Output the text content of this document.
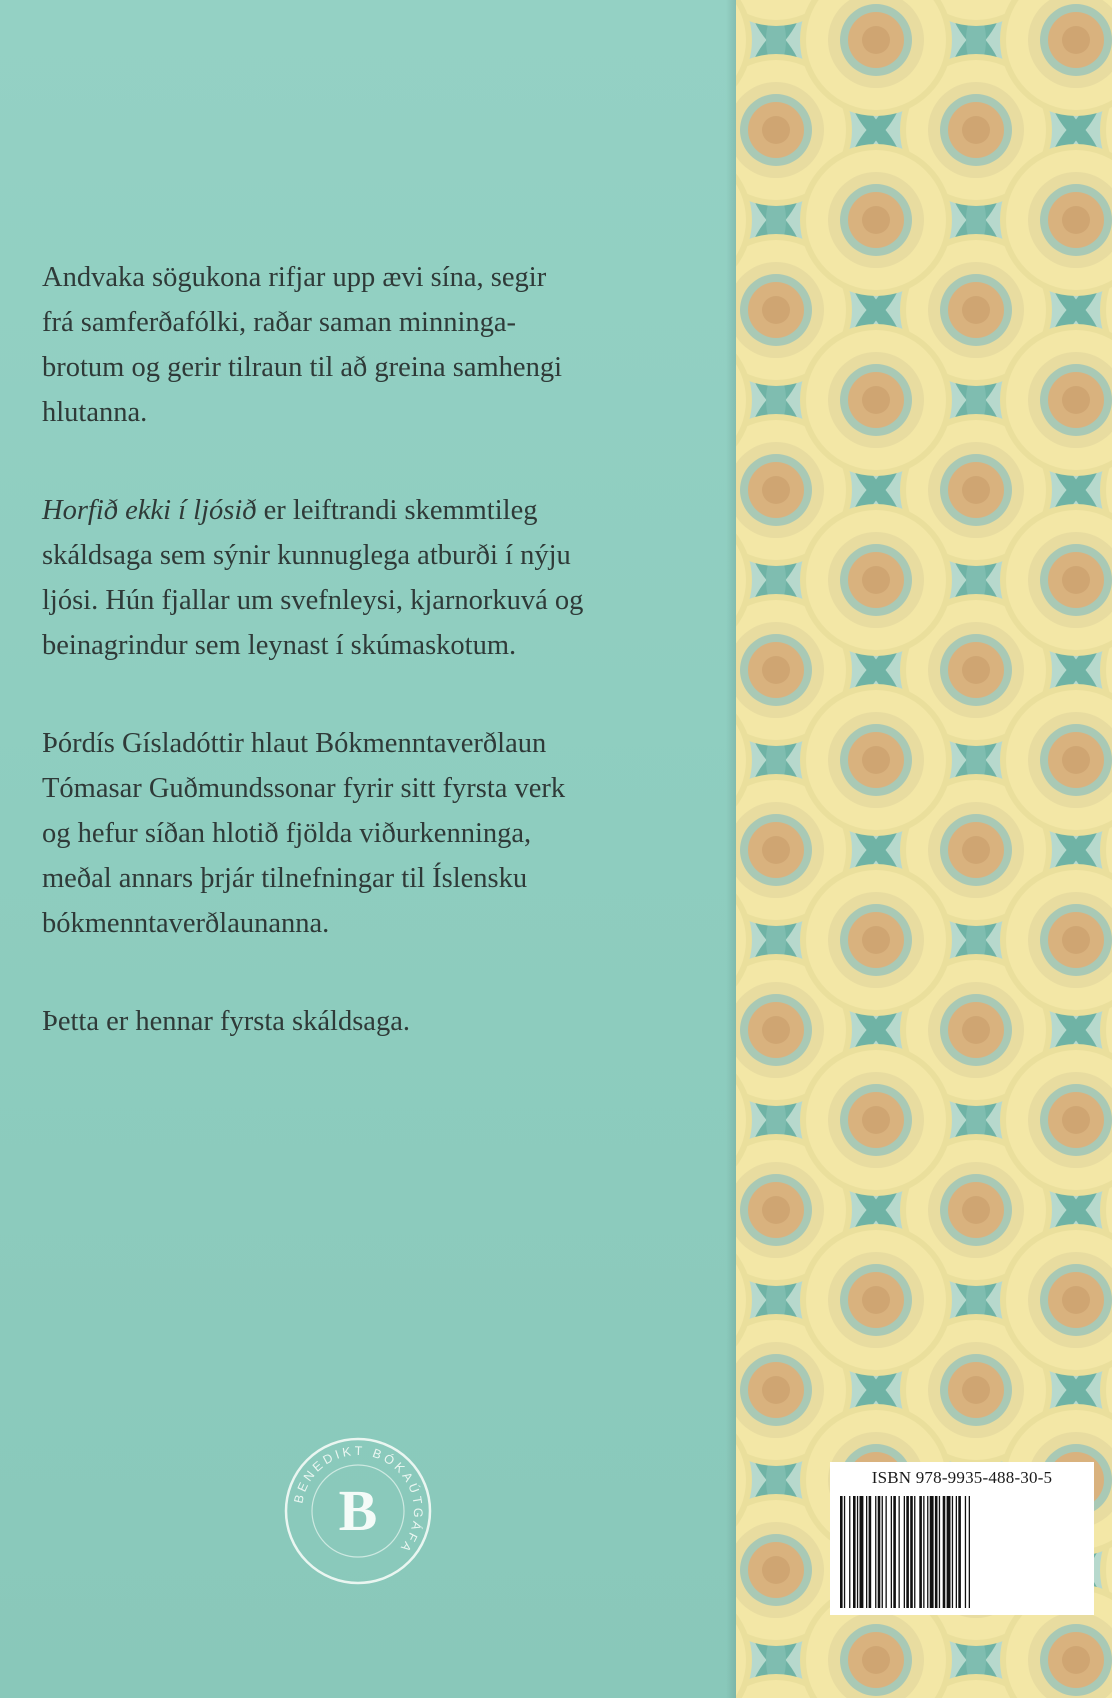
Andvaka sögukona rifjar upp ævi sína, segir
frá samferðafólki, raðar saman minninga-
brotum og gerir tilraun til að greina samhengi
hlutanna.

Horfið ekki í ljósið er leiftrandi skemmtileg
skáldsaga sem sýnir kunnuglega atburði í nýju
ljósi. Hún fjallar um svefnleysi, kjarnorkuvá og
beinagrindur sem leynast í skúmaskotum.

Þórdís Gísladóttir hlaut Bókmenntaverðlaun
Tómasar Guðmundssonar fyrir sitt fyrsta verk
og hefur síðan hlotið fjölda viðurkenninga,
meðal annars þrjár tilnefningar til Íslensku
bókmenntaverðlaunanna.

Þetta er hennar fyrsta skáldsaga.

BENEDIKT BÓKAÚTGÁFA
B
ISBN 978-9935-488-30-5
